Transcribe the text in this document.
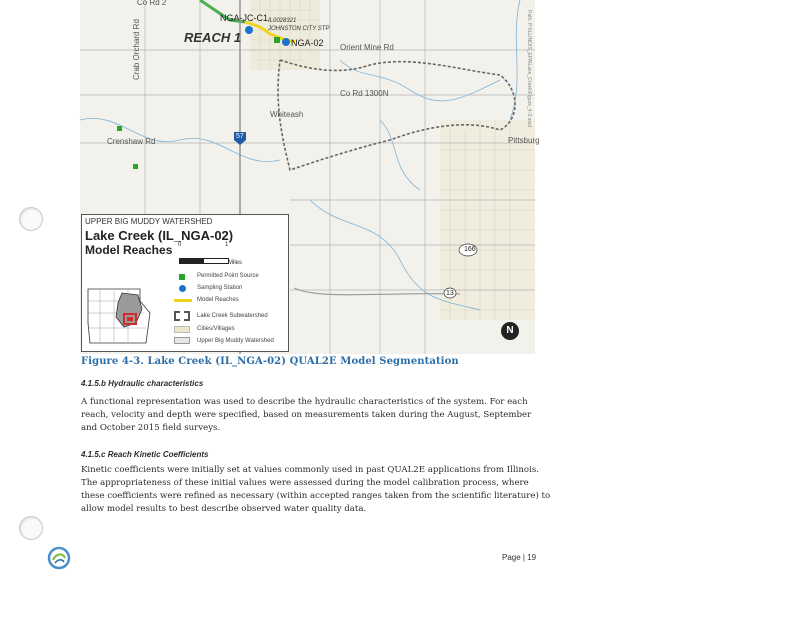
REACH 1
NGA-JC-C1
NGA-02
IL0028321
JOHNSTON CITY STP
Co Rd 2
Orient Mine Rd
Co Rd 1300N
Whiteash
Crenshaw Rd	Pittsburg
Crab Orchard Rd
57
166
13
Path: P:\ILLINOIS_EPA\Lake_Creek\Figure_4-3.mxd
UPPER BIG MUDDY WATERSHED
Lake Creek (IL_NGA-02)
Model Reaches 0	1
Miles
Permitted Point Source
Sampling Station
Model Reaches
Lake Creek Subwatershed
Cities/Villages
Upper Big Muddy Watershed
N
Figure 4-3. Lake Creek (IL_NGA-02) QUAL2E Model Segmentation
4.1.5.b Hydraulic characteristics
A functional representation was used to describe the hydraulic characteristics of the system. For each
reach, velocity and depth were specified, based on measurements taken during the August, September
and October 2015 field surveys.
4.1.5.c Reach Kinetic Coefficients
Kinetic coefficients were initially set at values commonly used in past QUAL2E applications from Illinois.
The appropriateness of these initial values were assessed during the model calibration process, where
these coefficients were refined as necessary (within accepted ranges taken from the scientific literature) to
allow model results to best describe observed water quality data.
Page | 19
